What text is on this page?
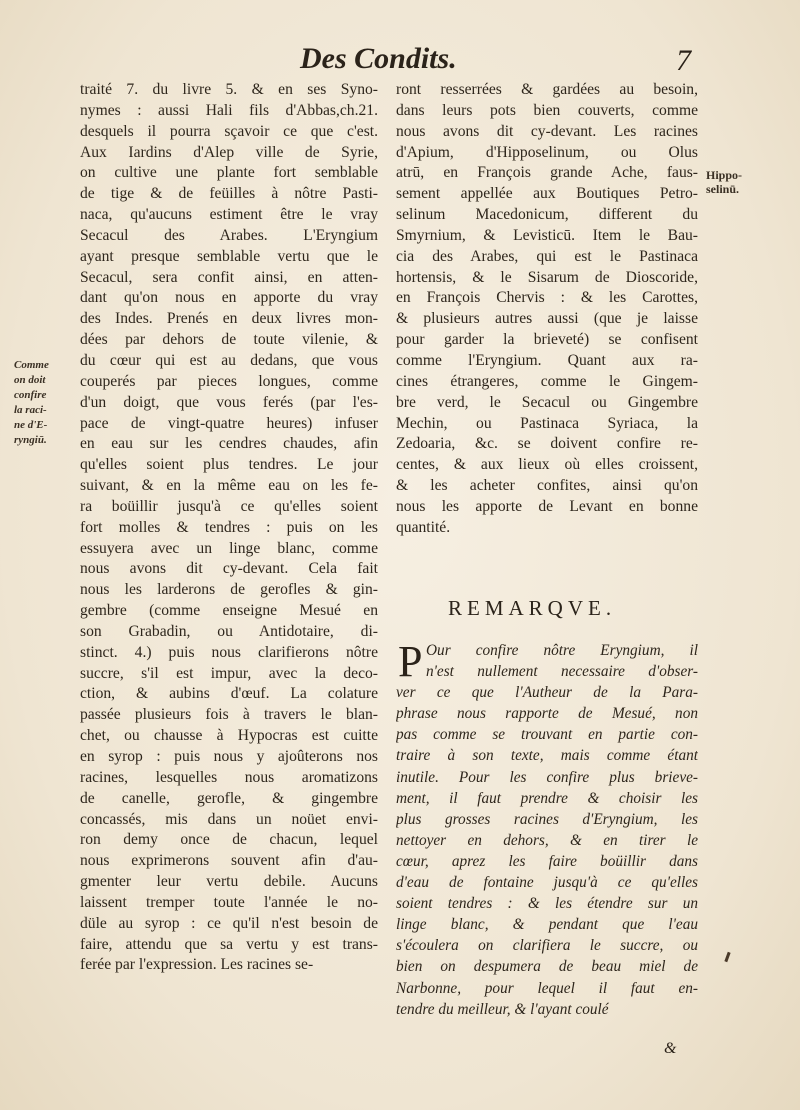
Des Condits.	7
traité 7. du livre 5. & en ses Syno-
nymes : aussi Hali fils d'Abbas,ch.21.
desquels il pourra sçavoir ce que c'est.
Aux Iardins d'Alep ville de Syrie,
on cultive une plante fort semblable
de tige & de feüilles à nôtre Pasti-
naca, qu'aucuns estiment être le vray
Secacul des Arabes. L'Eryngium
ayant presque semblable vertu que le
Secacul, sera confit ainsi, en atten-
dant qu'on nous en apporte du vray
des Indes. Prenés en deux livres mon-
dées par dehors de toute vilenie, &
du cœur qui est au dedans, que vous
couperés par pieces longues, comme
d'un doigt, que vous ferés (par l'es-
pace de vingt-quatre heures) infuser
en eau sur les cendres chaudes, afin
qu'elles soient plus tendres. Le jour
suivant, & en la même eau on les fe-
ra boüillir jusqu'à ce qu'elles soient
fort molles & tendres : puis on les
essuyera avec un linge blanc, comme
nous avons dit cy-devant. Cela fait
nous les larderons de gerofles & gin-
gembre (comme enseigne Mesué en
son Grabadin, ou Antidotaire, di-
stinct. 4.) puis nous clarifierons nôtre
succre, s'il est impur, avec la deco-
ction, & aubins d'œuf. La colature
passée plusieurs fois à travers le blan-
chet, ou chausse à Hypocras est cuitte
en syrop : puis nous y ajoûterons nos
racines, lesquelles nous aromatizons
de canelle, gerofle, & gingembre
concassés, mis dans un noüet envi-
ron demy once de chacun, lequel
nous exprimerons souvent afin d'au-
gmenter leur vertu debile. Aucuns
laissent tremper toute l'année le no-
düle au syrop : ce qu'il n'est besoin de
faire, attendu que sa vertu y est trans-
ferée par l'expression. Les racines se-
ront resserrées & gardées au besoin,
dans leurs pots bien couverts, comme
nous avons dit cy-devant. Les racines
d'Apium, d'Hipposelinum, ou Olus
atrū, en François grande Ache, faus-
sement appellée aux Boutiques Petro-
selinum Macedonicum, different du
Smyrnium, & Levisticū. Item le Bau-
cia des Arabes, qui est le Pastinaca
hortensis, & le Sisarum de Dioscoride,
en François Chervis : & les Carottes,
& plusieurs autres aussi (que je laisse
pour garder la brieveté) se confisent
comme l'Eryngium. Quant aux ra-
cines étrangeres, comme le Gingem-
bre verd, le Secacul ou Gingembre
Mechin, ou Pastinaca Syriaca, la
Zedoaria, &c. se doivent confire re-
centes, & aux lieux où elles croissent,
& les acheter confites, ainsi qu'on
nous les apporte de Levant en bonne
quantité.
Comme
on doit
confire
la raci-
ne d'E-
ryngiū.
Hippo-
selinū.
REMARQVE.
P Our confire nôtre Eryngium, il
n'est nullement necessaire d'obser-
ver ce que l'Autheur de la Para-
phrase nous rapporte de Mesué, non
pas comme se trouvant en partie con-
traire à son texte, mais comme étant
inutile. Pour les confire plus brieve-
ment, il faut prendre & choisir les
plus grosses racines d'Eryngium, les
nettoyer en dehors, & en tirer le
cœur, aprez les faire boüillir dans
d'eau de fontaine jusqu'à ce qu'elles
soient tendres : & les étendre sur un
linge blanc, & pendant que l'eau
s'écoulera on clarifiera le succre, ou
bien on despumera de beau miel de
Narbonne, pour lequel il faut en-
tendre du meilleur, & l'ayant coulé
&
